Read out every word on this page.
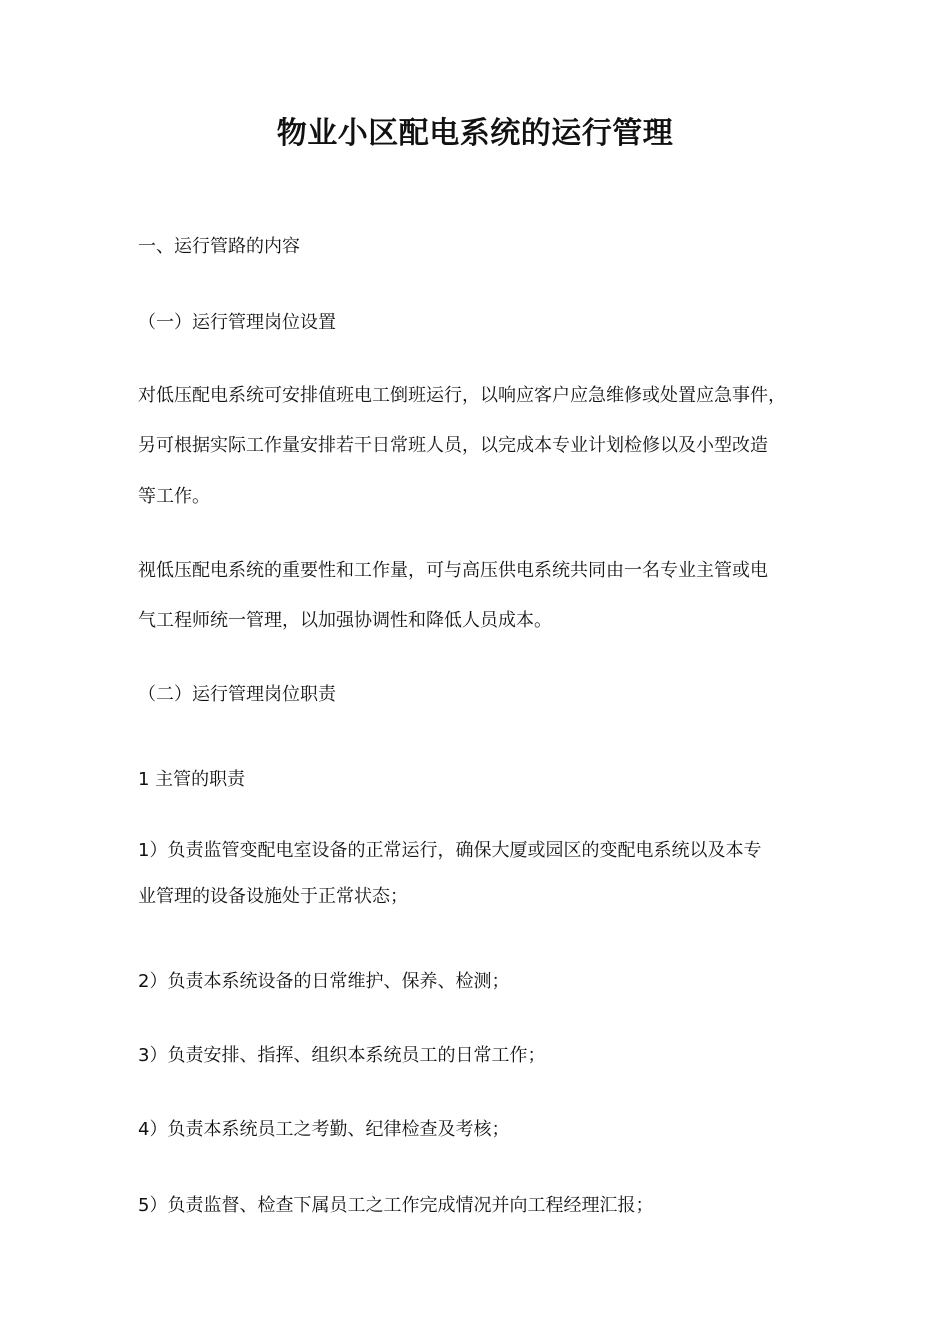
物业小区配电系统的运行管理

一、运行管路的内容

（一）运行管理岗位设置

对低压配电系统可安排值班电工倒班运行，以响应客户应急维修或处置应急事件，

另可根据实际工作量安排若干日常班人员，以完成本专业计划检修以及小型改造

等工作。

视低压配电系统的重要性和工作量，可与高压供电系统共同由一名专业主管或电

气工程师统一管理，以加强协调性和降低人员成本。

（二）运行管理岗位职责

1 主管的职责

1）负责监管变配电室设备的正常运行，确保大厦或园区的变配电系统以及本专

业管理的设备设施处于正常状态；

2）负责本系统设备的日常维护、保养、检测；

3）负责安排、指挥、组织本系统员工的日常工作；

4）负责本系统员工之考勤、纪律检查及考核；

5）负责监督、检查下属员工之工作完成情况并向工程经理汇报；
